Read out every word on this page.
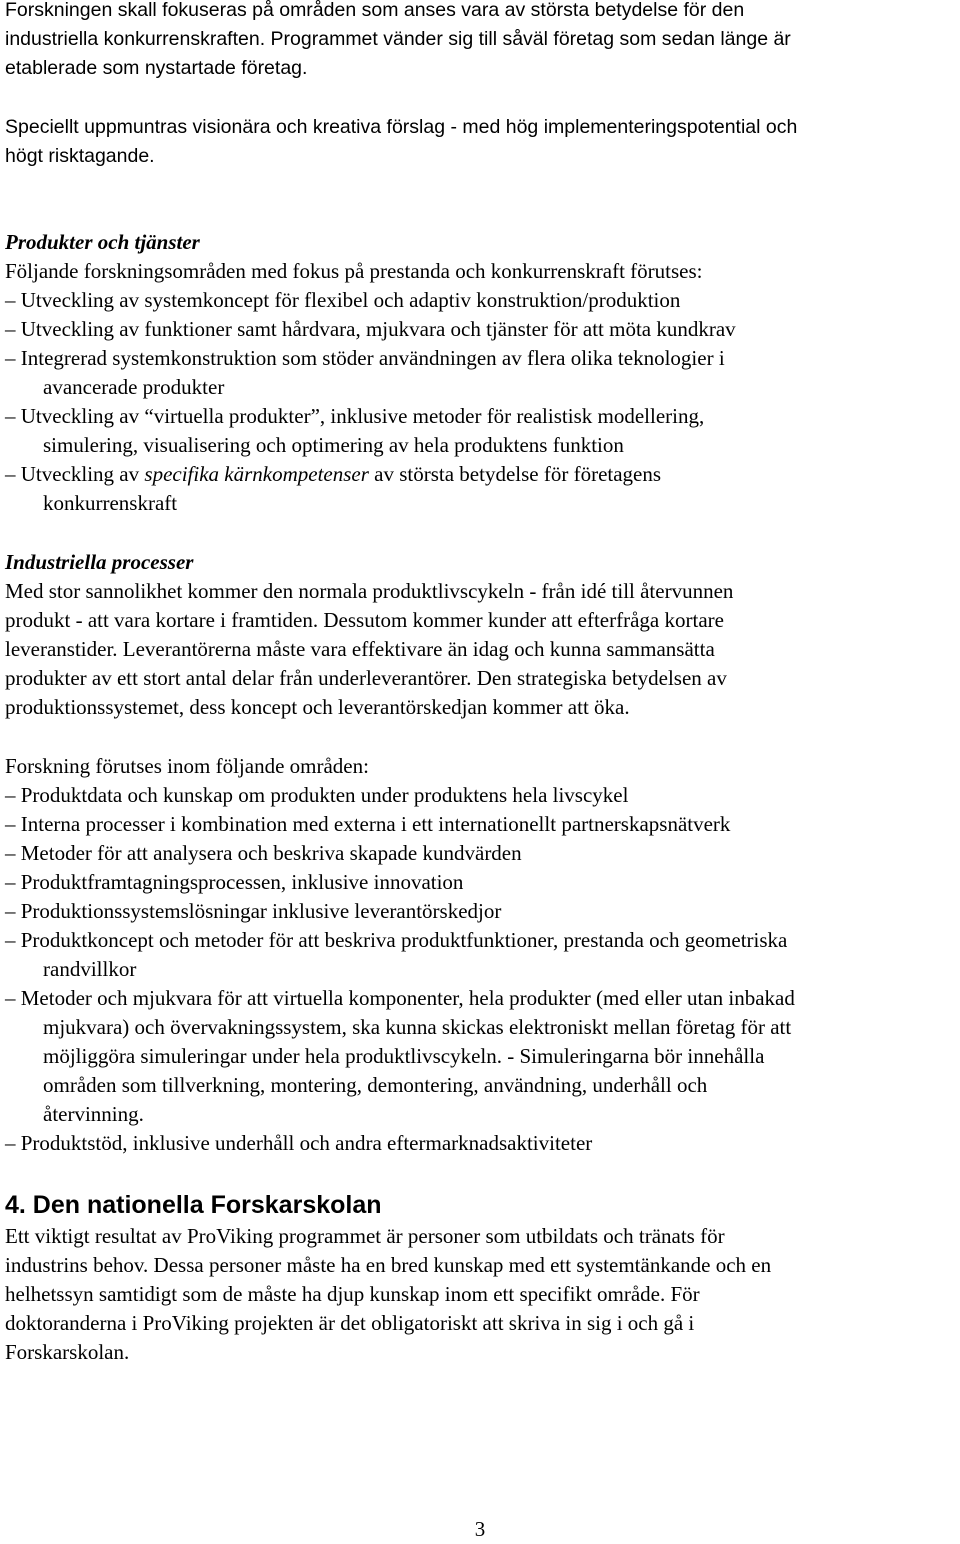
Forskningen skall fokuseras på områden som anses vara av största betydelse för den
industriella konkurrenskraften. Programmet vänder sig till såväl företag som sedan länge är
etablerade som nystartade företag.
Speciellt uppmuntras visionära och kreativa förslag - med hög implementeringspotential och
högt risktagande.
Produkter och tjänster
Följande forskningsområden med fokus på prestanda och konkurrenskraft förutses:
– Utveckling av systemkoncept för flexibel och adaptiv konstruktion/produktion
– Utveckling av funktioner samt hårdvara, mjukvara och tjänster för att möta kundkrav
– Integrerad systemkonstruktion som stöder användningen av flera olika teknologier i
avancerade produkter
– Utveckling av “virtuella produkter”, inklusive metoder för realistisk modellering,
simulering, visualisering och optimering av hela produktens funktion
– Utveckling av specifika kärnkompetenser av största betydelse för företagens
konkurrenskraft
Industriella processer
Med stor sannolikhet kommer den normala produktlivscykeln - från idé till återvunnen
produkt - att vara kortare i framtiden. Dessutom kommer kunder att efterfråga kortare
leveranstider. Leverantörerna måste vara effektivare än idag och kunna sammansätta
produkter av ett stort antal delar från underleverantörer. Den strategiska betydelsen av
produktionssystemet, dess koncept och leverantörskedjan kommer att öka.
Forskning förutses inom följande områden:
– Produktdata och kunskap om produkten under produktens hela livscykel
– Interna processer i kombination med externa i ett internationellt partnerskapsnätverk
– Metoder för att analysera och beskriva skapade kundvärden
– Produktframtagningsprocessen, inklusive innovation
– Produktionssystemslösningar inklusive leverantörskedjor
– Produktkoncept och metoder för att beskriva produktfunktioner, prestanda och geometriska
randvillkor
– Metoder och mjukvara för att virtuella komponenter, hela produkter (med eller utan inbakad
mjukvara) och övervakningssystem, ska kunna skickas elektroniskt mellan företag för att
möjliggöra simuleringar under hela produktlivscykeln. - Simuleringarna bör innehålla
områden som tillverkning, montering, demontering, användning, underhåll och
återvinning.
– Produktstöd, inklusive underhåll och andra eftermarknadsaktiviteter
4. Den nationella Forskarskolan
Ett viktigt resultat av ProViking programmet är personer som utbildats och tränats för
industrins behov. Dessa personer måste ha en bred kunskap med ett systemtänkande och en
helhetssyn samtidigt som de måste ha djup kunskap inom ett specifikt område. För
doktoranderna i ProViking projekten är det obligatoriskt att skriva in sig i och gå i
Forskarskolan.
3
